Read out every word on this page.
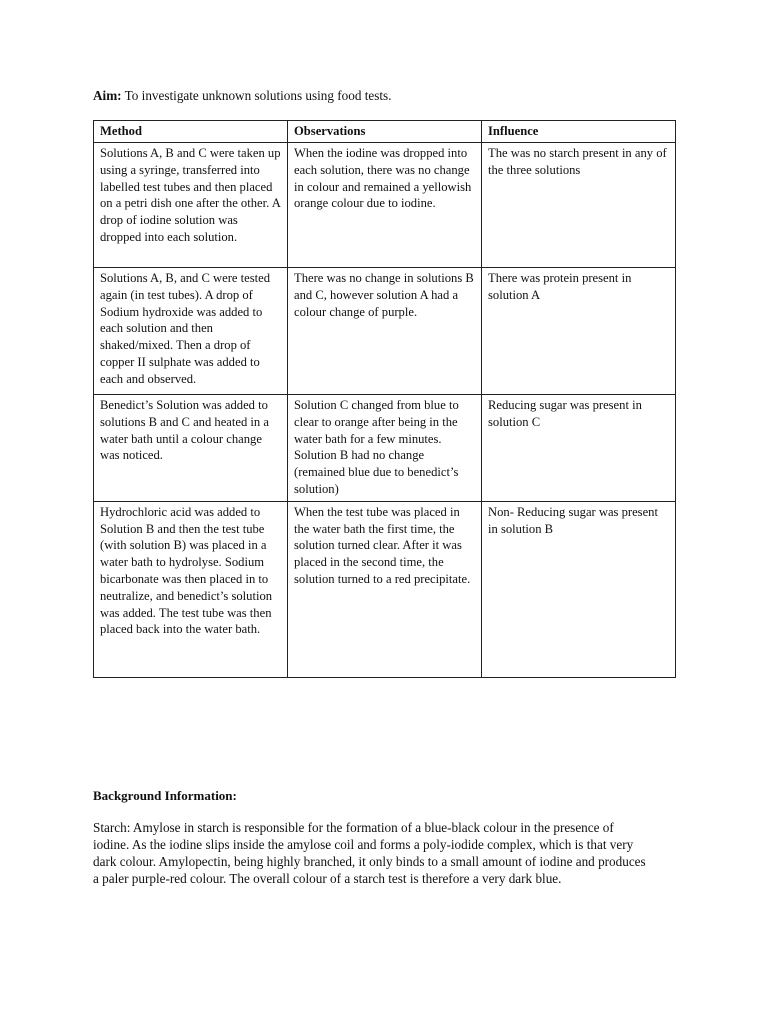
Aim: To investigate unknown solutions using food tests.
Method	Observations	Influence
Solutions A, B and C were taken up using a syringe, transferred into labelled test tubes and then placed on a petri dish one after the other. A drop of iodine solution was dropped into each solution.	When the iodine was dropped into each solution, there was no change in colour and remained a yellowish orange colour due to iodine.	The was no starch present in any of the three solutions
Solutions A, B, and C were tested again (in test tubes). A drop of Sodium hydroxide was added to each solution and then shaked/mixed. Then a drop of copper II sulphate was added to each and observed.	There was no change in solutions B and C, however solution A had a colour change of purple.	There was protein present in solution A
Benedict’s Solution was added to solutions B and C and heated in a water bath until a colour change was noticed.	Solution C changed from blue to clear to orange after being in the water bath for a few minutes. Solution B had no change (remained blue due to benedict’s solution)	Reducing sugar was present in solution C
Hydrochloric acid was added to Solution B and then the test tube (with solution B) was placed in a water bath to hydrolyse. Sodium bicarbonate was then placed in to neutralize, and benedict’s solution was added. The test tube was then placed back into the water bath.	When the test tube was placed in the water bath the first time, the solution turned clear. After it was placed in the second time, the solution turned to a red precipitate.	Non- Reducing sugar was present in solution B
Background Information:
Starch: Amylose in starch is responsible for the formation of a blue-black colour in the presence of iodine. As the iodine slips inside the amylose coil and forms a poly-iodide complex, which is that very dark colour. Amylopectin, being highly branched, it only binds to a small amount of iodine and produces a paler purple-red colour. The overall colour of a starch test is therefore a very dark blue.
